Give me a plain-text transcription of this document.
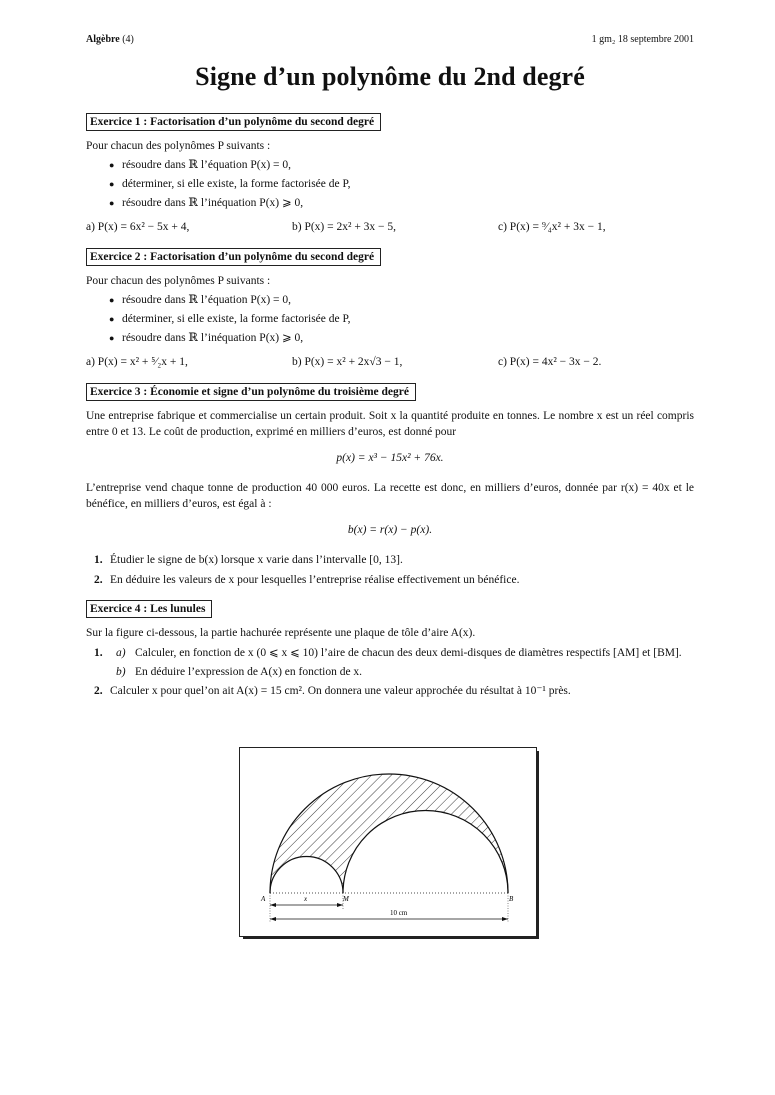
Algèbre (4)	1 gm₂ 18 septembre 2001
Signe d’un polynôme du 2nd degré
Exercice 1 : Factorisation d’un polynôme du second degré

Pour chacun des polynômes P suivants :

● résoudre dans ℝ l’équation P(x) = 0,
● déterminer, si elle existe, la forme factorisée de P,
● résoudre dans ℝ l’inéquation P(x) ⩾ 0,
a) P(x) = 6x² − 5x + 4,	b) P(x) = 2x² + 3x − 5,	c) P(x) = ⁹⁄₄x² + 3x − 1,
Exercice 2 : Factorisation d’un polynôme du second degré

Pour chacun des polynômes P suivants :

● résoudre dans ℝ l’équation P(x) = 0,
● déterminer, si elle existe, la forme factorisée de P,
● résoudre dans ℝ l’inéquation P(x) ⩾ 0,
a) P(x) = x² + ⁵⁄₂x + 1,	b) P(x) = x² + 2x√3 − 1,	c) P(x) = 4x² − 3x − 2.
Exercice 3 : Économie et signe d’un polynôme du troisième degré

Une entreprise fabrique et commercialise un certain produit. Soit x la quantité produite en tonnes. Le nombre x est un réel compris entre 0 et 13. Le coût de production, exprimé en milliers d’euros, est donné pour

p(x) = x³ − 15x² + 76x.

L’entreprise vend chaque tonne de production 40 000 euros. La recette est donc, en milliers d’euros, donnée par r(x) = 40x et le bénéfice, en milliers d’euros, est égal à :

b(x) = r(x) − p(x).
1. Étudier le signe de b(x) lorsque x varie dans l’intervalle [0, 13].
2. En déduire les valeurs de x pour lesquelles l’entreprise réalise effectivement un bénéfice.
Exercice 4 : Les lunules

Sur la figure ci-dessous, la partie hachurée représente une plaque de tôle d’aire A(x).

1. a) Calculer, en fonction de x (0 ⩽ x ⩽ 10) l’aire de chacun des deux demi-disques de diamètres respectifs [AM] et [BM].
b) En déduire l’expression de A(x) en fonction de x.
2. Calculer x pour quel’on ait A(x) = 15 cm². On donnera une valeur approchée du résultat à 10⁻¹ près.
A	M	B
x
10 cm
